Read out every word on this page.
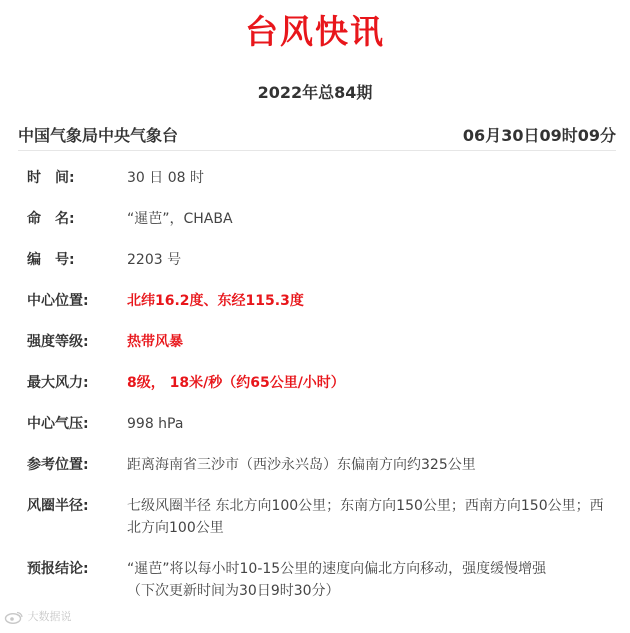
台风快讯
2022年总84期
中国气象局中央气象台	06月30日09时09分
时　间:	30 日 08 时
命　名:	“暹芭”，CHABA
编　号:	2203 号
中心位置:	北纬16.2度、东经115.3度
强度等级:	热带风暴
最大风力:	8级， 18米/秒（约65公里/小时）
中心气压:	998 hPa
参考位置:	距离海南省三沙市（西沙永兴岛）东偏南方向约325公里
风圈半径:	七级风圈半径 东北方向100公里；东南方向150公里；西南方向150公里；西北方向100公里
预报结论:	“暹芭”将以每小时10-15公里的速度向偏北方向移动，强度缓慢增强
（下次更新时间为30日9时30分）
大数据说
